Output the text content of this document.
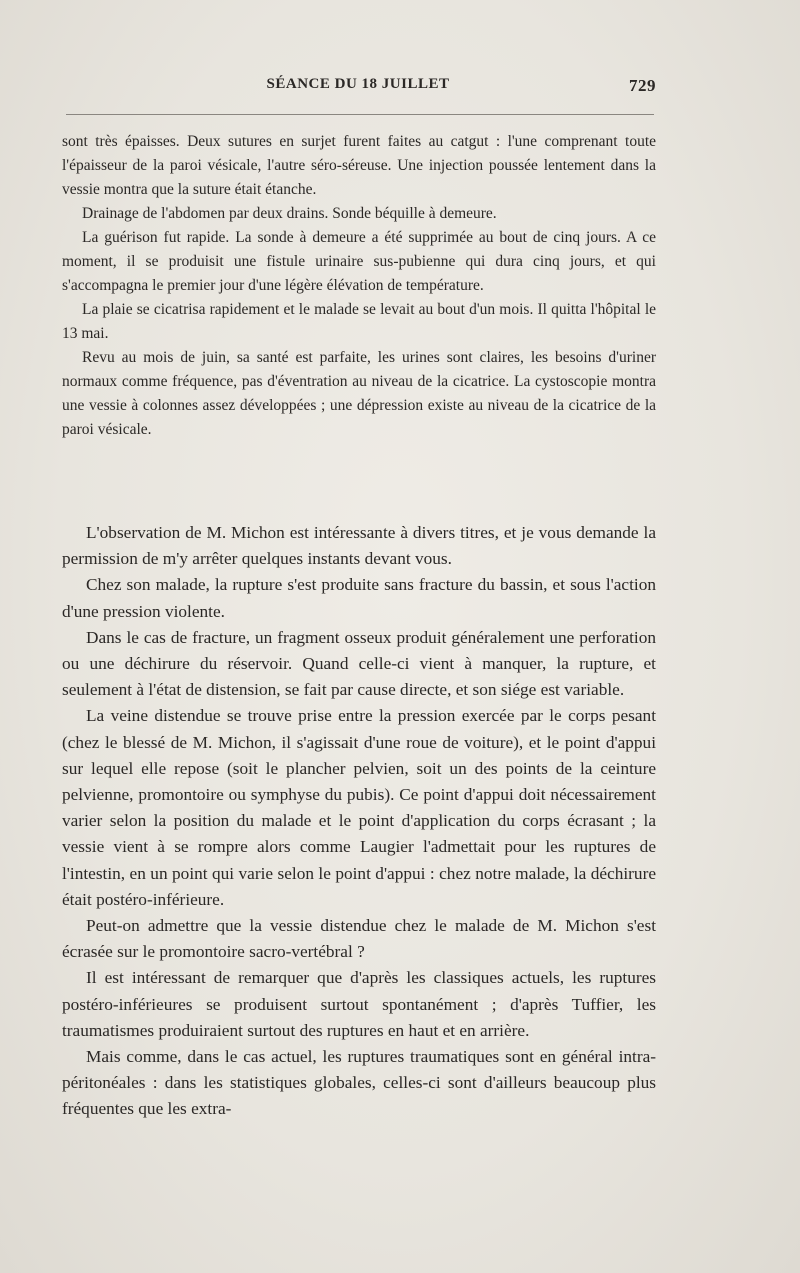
SÉANCE DU 18 JUILLET	729

sont très épaisses. Deux sutures en surjet furent faites au catgut : l'une comprenant toute l'épaisseur de la paroi vésicale, l'autre séro-séreuse. Une injection poussée lentement dans la vessie montra que la suture était étanche.

Drainage de l'abdomen par deux drains. Sonde béquille à demeure.

La guérison fut rapide. La sonde à demeure a été supprimée au bout de cinq jours. A ce moment, il se produisit une fistule urinaire sus-pubienne qui dura cinq jours, et qui s'accompagna le premier jour d'une légère élévation de température.

La plaie se cicatrisa rapidement et le malade se levait au bout d'un mois. Il quitta l'hôpital le 13 mai.

Revu au mois de juin, sa santé est parfaite, les urines sont claires, les besoins d'uriner normaux comme fréquence, pas d'éventration au niveau de la cicatrice. La cystoscopie montra une vessie à colonnes assez développées ; une dépression existe au niveau de la cicatrice de la paroi vésicale.

L'observation de M. Michon est intéressante à divers titres, et je vous demande la permission de m'y arrêter quelques instants devant vous.

Chez son malade, la rupture s'est produite sans fracture du bassin, et sous l'action d'une pression violente.

Dans le cas de fracture, un fragment osseux produit généralement une perforation ou une déchirure du réservoir. Quand celle-ci vient à manquer, la rupture, et seulement à l'état de distension, se fait par cause directe, et son siége est variable.

La veine distendue se trouve prise entre la pression exercée par le corps pesant (chez le blessé de M. Michon, il s'agissait d'une roue de voiture), et le point d'appui sur lequel elle repose (soit le plancher pelvien, soit un des points de la ceinture pelvienne, promontoire ou symphyse du pubis). Ce point d'appui doit nécessairement varier selon la position du malade et le point d'application du corps écrasant ; la vessie vient à se rompre alors comme Laugier l'admettait pour les ruptures de l'intestin, en un point qui varie selon le point d'appui : chez notre malade, la déchirure était postéro-inférieure.

Peut-on admettre que la vessie distendue chez le malade de M. Michon s'est écrasée sur le promontoire sacro-vertébral ?

Il est intéressant de remarquer que d'après les classiques actuels, les ruptures postéro-inférieures se produisent surtout spontanément ; d'après Tuffier, les traumatismes produiraient surtout des ruptures en haut et en arrière.

Mais comme, dans le cas actuel, les ruptures traumatiques sont en général intra-péritonéales : dans les statistiques globales, celles-ci sont d'ailleurs beaucoup plus fréquentes que les extra-
